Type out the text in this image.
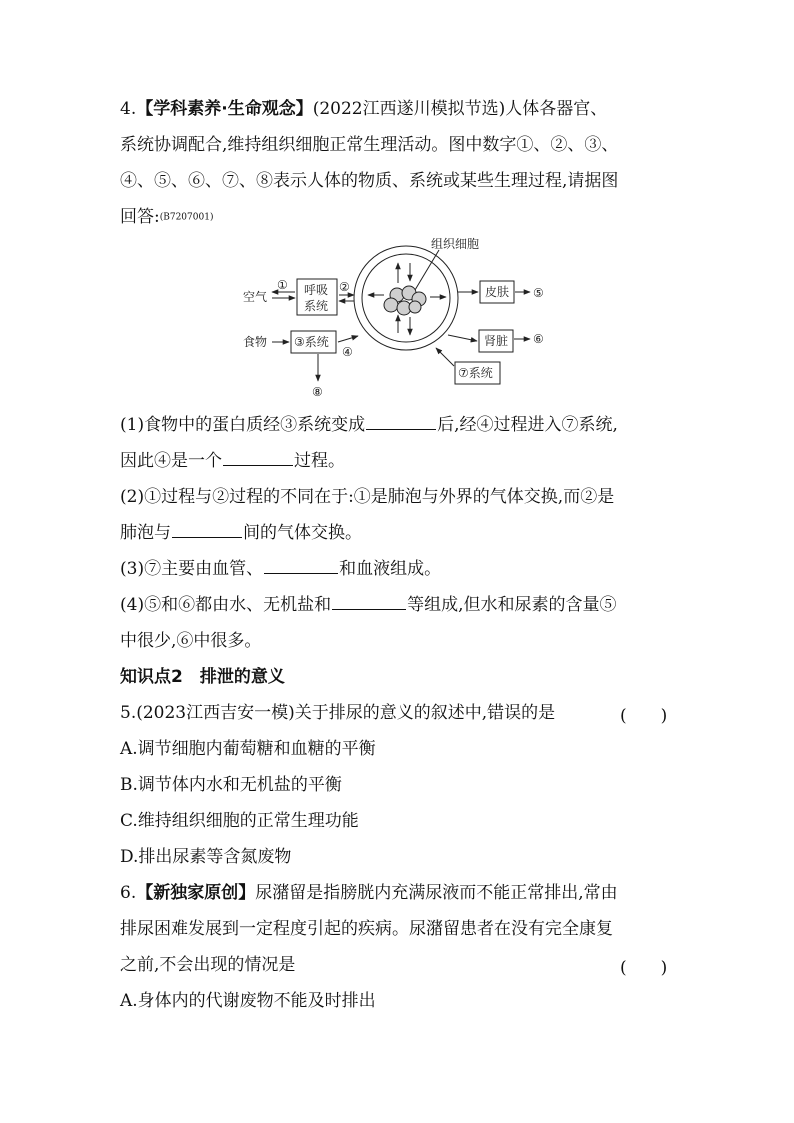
4.【学科素养·生命观念】(2022江西遂川模拟节选)人体各器官、
系统协调配合,维持组织细胞正常生理活动。图中数字①、②、③、
④、⑤、⑥、⑦、⑧表示人体的物质、系统或某些生理过程,请据图
回答:(B7207001)
组织细胞
空气
食物
①	②
④
⑤
⑥
⑧
呼吸
系统
③系统
皮肤
肾脏
⑦系统
(1)食物中的蛋白质经③系统变成	后,经④过程进入⑦系统,
因此④是一个	过程。
(2)①过程与②过程的不同在于:①是肺泡与外界的气体交换,而②是
肺泡与	间的气体交换。
(3)⑦主要由血管、	和血液组成。
(4)⑤和⑥都由水、无机盐和	等组成,但水和尿素的含量⑤
中很少,⑥中很多。
知识点2　排泄的意义
5.(2023江西吉安一模)关于排尿的意义的叙述中,错误的是	(　　)
A.调节细胞内葡萄糖和血糖的平衡
B.调节体内水和无机盐的平衡
C.维持组织细胞的正常生理功能
D.排出尿素等含氮废物
6.【新独家原创】尿潴留是指膀胱内充满尿液而不能正常排出,常由
排尿困难发展到一定程度引起的疾病。尿潴留患者在没有完全康复
之前,不会出现的情况是	(　　)
A.身体内的代谢废物不能及时排出
